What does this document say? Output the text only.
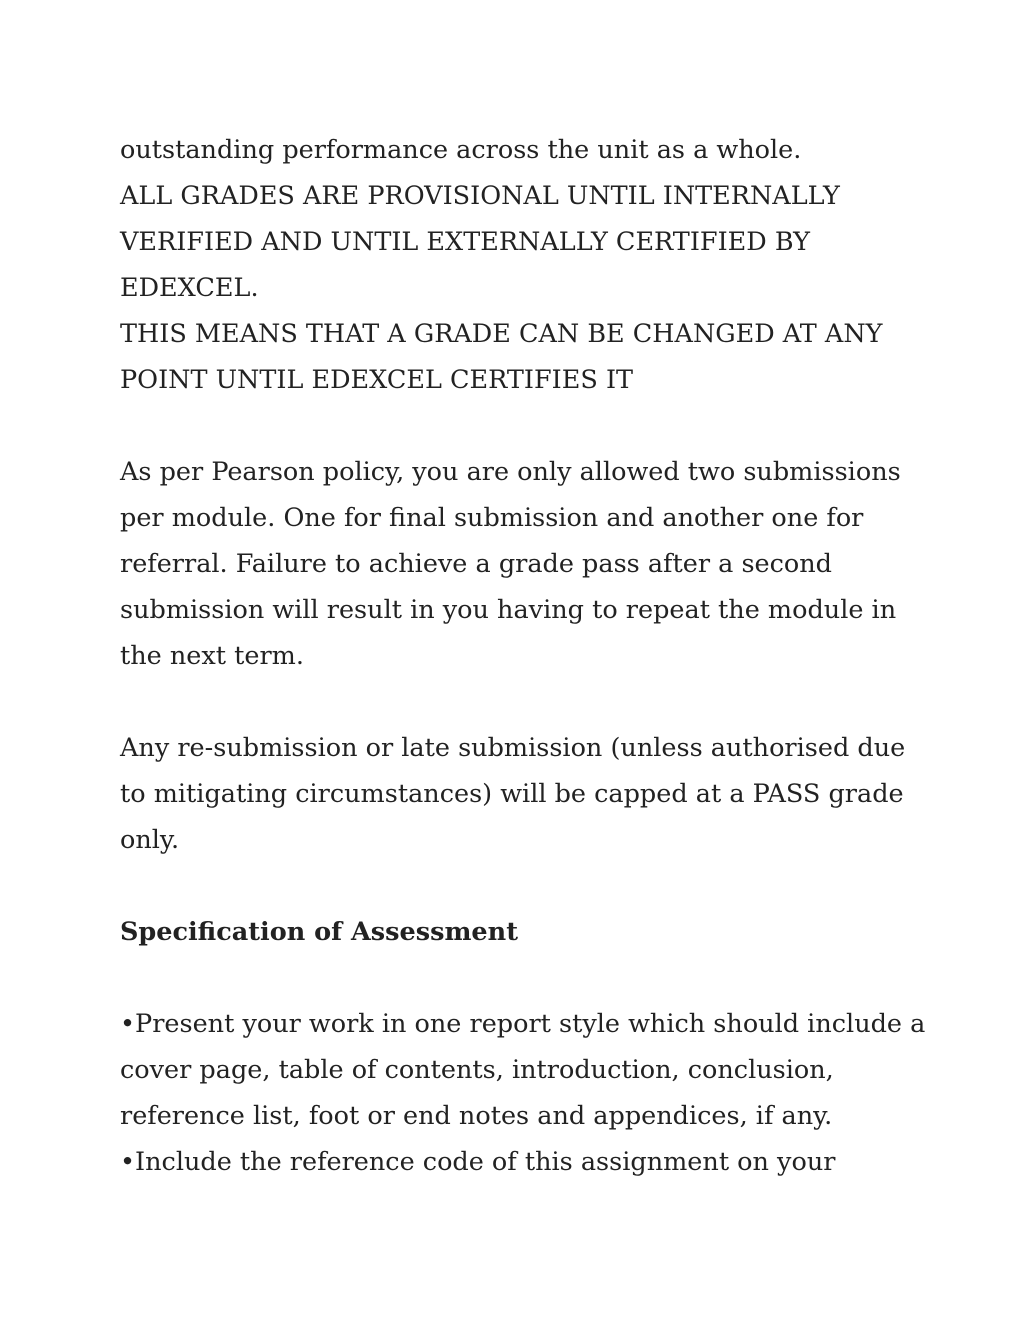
outstanding performance across the unit as a whole.
ALL GRADES ARE PROVISIONAL UNTIL INTERNALLY
VERIFIED AND UNTIL EXTERNALLY CERTIFIED BY
EDEXCEL.
THIS MEANS THAT A GRADE CAN BE CHANGED AT ANY
POINT UNTIL EDEXCEL CERTIFIES IT
As per Pearson policy, you are only allowed two submissions
per module. One for final submission and another one for
referral. Failure to achieve a grade pass after a second
submission will result in you having to repeat the module in
the next term.
Any re-submission or late submission (unless authorised due
to mitigating circumstances) will be capped at a PASS grade
only.
Specification of Assessment
•Present your work in one report style which should include a
cover page, table of contents, introduction, conclusion,
reference list, foot or end notes and appendices, if any.
•Include the reference code of this assignment on your
